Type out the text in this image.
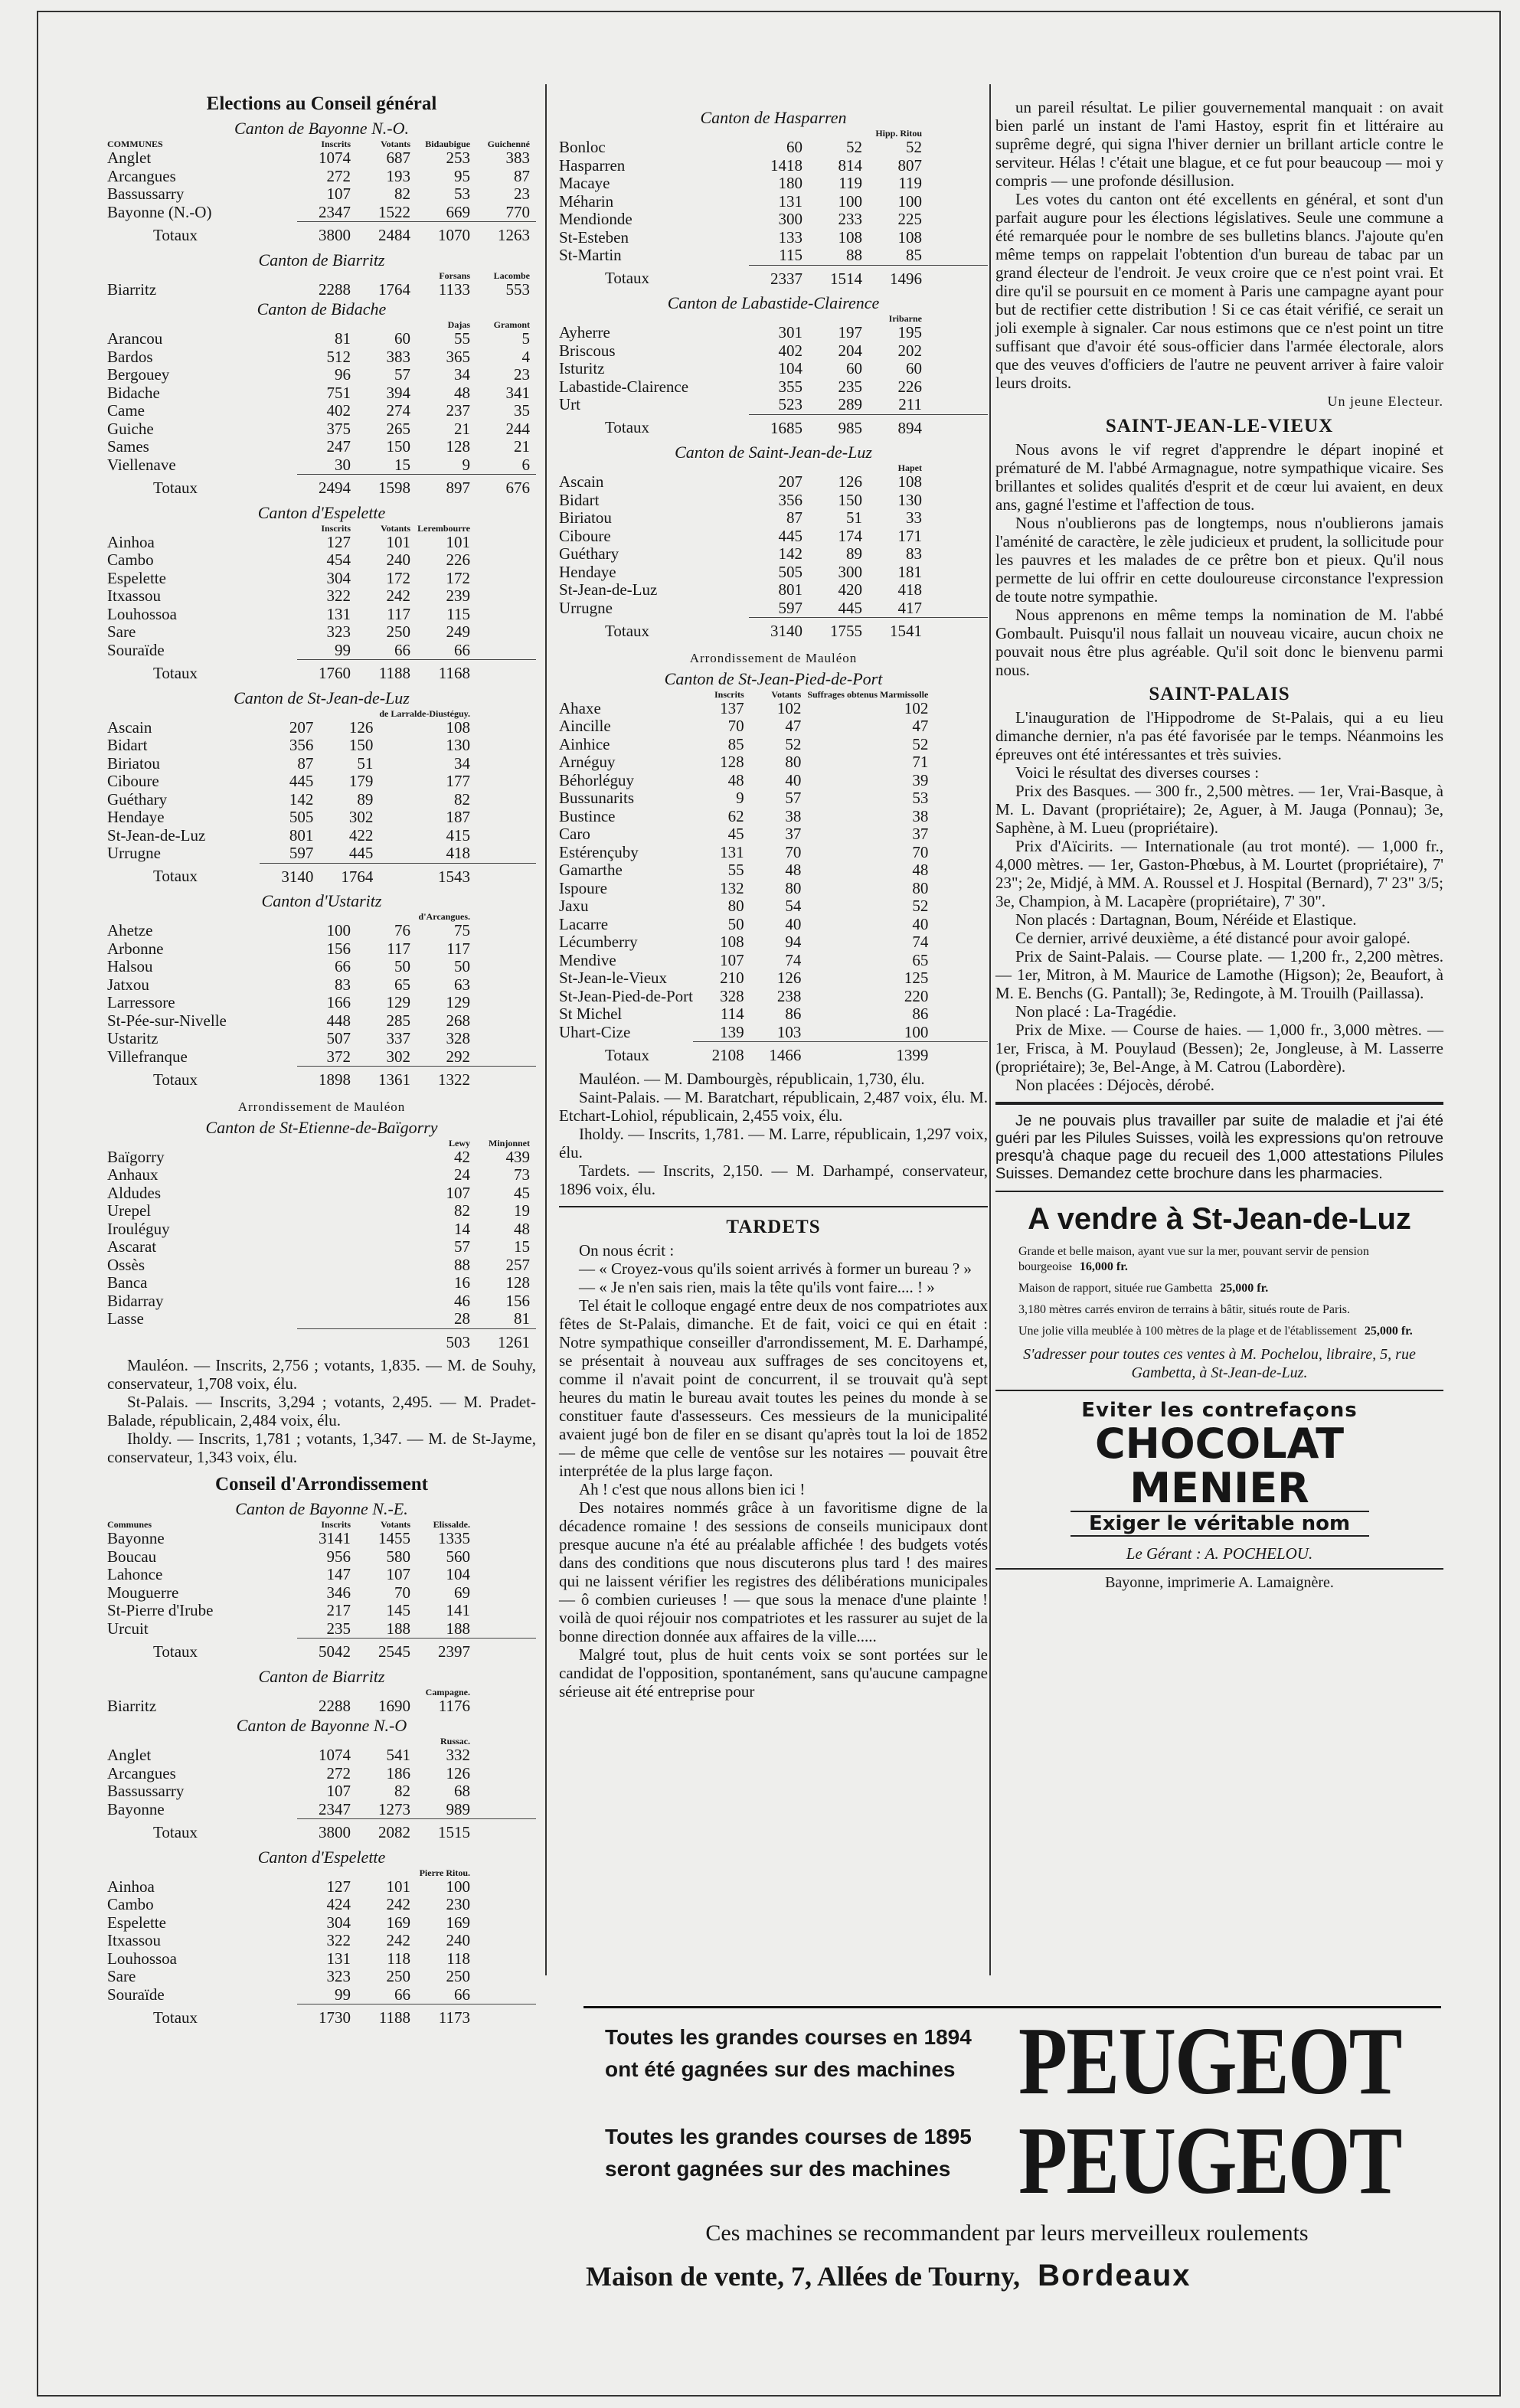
Elections au Conseil général
Canton de Bayonne N.-O.
COMMUNES	Inscrits	Votants	Bidaubigue	Guichenné
Anglet	1074	687	253	383
Arcangues	272	193	95	87
Bassussarry	107	82	53	23
Bayonne (N.-O)	2347	1522	669	770
Totaux	3800	2484	1070	1263
Canton de Biarritz
			Forsans	Lacombe
Biarritz	2288	1764	1133	553
Canton de Bidache
			Dajas	Gramont
Arancou	81	60	55	5
Bardos	512	383	365	4
Bergouey	96	57	34	23
Bidache	751	394	48	341
Came	402	274	237	35
Guiche	375	265	21	244
Sames	247	150	128	21
Viellenave	30	15	9	6
Totaux	2494	1598	897	676
Canton d'Espelette
	Inscrits	Votants	Lerembourre	
Ainhoa	127	101	101	
Cambo	454	240	226	
Espelette	304	172	172	
Itxassou	322	242	239	
Louhossoa	131	117	115	
Sare	323	250	249	
Souraïde	99	66	66	
Totaux	1760	1188	1168	
Canton de St-Jean-de-Luz
			de Larralde-Diustéguy.	
Ascain	207	126	108	
Bidart	356	150	130	
Biriatou	87	51	34	
Ciboure	445	179	177	
Guéthary	142	89	82	
Hendaye	505	302	187	
St-Jean-de-Luz	801	422	415	
Urrugne	597	445	418	
Totaux	3140	1764	1543	
Canton d'Ustaritz
			d'Arcangues.	
Ahetze	100	76	75	
Arbonne	156	117	117	
Halsou	66	50	50	
Jatxou	83	65	63	
Larressore	166	129	129	
St-Pée-sur-Nivelle	448	285	268	
Ustaritz	507	337	328	
Villefranque	372	302	292	
Totaux	1898	1361	1322	
Arrondissement de Mauléon
Canton de St-Etienne-de-Baïgorry
			Lewy	Minjonnet
Baïgorry			42	439
Anhaux			24	73
Aldudes			107	45
Urepel			82	19
Irouléguy			14	48
Ascarat			57	15
Ossès			88	257
Banca			16	128
Bidarray			46	156
Lasse			28	81
			503	1261

Mauléon. — Inscrits, 2,756 ; votants, 1,835. — M. de Souhy, conservateur, 1,708 voix, élu.

St-Palais. — Inscrits, 3,294 ; votants, 2,495. — M. Pradet-Balade, républicain, 2,484 voix, élu.

Iholdy. — Inscrits, 1,781 ; votants, 1,347. — M. de St-Jayme, conservateur, 1,343 voix, élu.

Conseil d'Arrondissement
Canton de Bayonne N.-E.
Communes	Inscrits	Votants	Elissalde.	
Bayonne	3141	1455	1335	
Boucau	956	580	560	
Lahonce	147	107	104	
Mouguerre	346	70	69	
St-Pierre d'Irube	217	145	141	
Urcuit	235	188	188	
Totaux	5042	2545	2397	
Canton de Biarritz
			Campagne.	
Biarritz	2288	1690	1176	
Canton de Bayonne N.-O
			Russac.	
Anglet	1074	541	332	
Arcangues	272	186	126	
Bassussarry	107	82	68	
Bayonne	2347	1273	989	
Totaux	3800	2082	1515	
Canton d'Espelette
			Pierre Ritou.	
Ainhoa	127	101	100	
Cambo	424	242	230	
Espelette	304	169	169	
Itxassou	322	242	240	
Louhossoa	131	118	118	
Sare	323	250	250	
Souraïde	99	66	66	
Totaux	1730	1188	1173	
Canton de Hasparren
			Hipp. Ritou	
Bonloc	60	52	52	
Hasparren	1418	814	807	
Macaye	180	119	119	
Méharin	131	100	100	
Mendionde	300	233	225	
St-Esteben	133	108	108	
St-Martin	115	88	85	
Totaux	2337	1514	1496	
Canton de Labastide-Clairence
			Iribarne	
Ayherre	301	197	195	
Briscous	402	204	202	
Isturitz	104	60	60	
Labastide-Clairence	355	235	226	
Urt	523	289	211	
Totaux	1685	985	894	
Canton de Saint-Jean-de-Luz
			Hapet	
Ascain	207	126	108	
Bidart	356	150	130	
Biriatou	87	51	33	
Ciboure	445	174	171	
Guéthary	142	89	83	
Hendaye	505	300	181	
St-Jean-de-Luz	801	420	418	
Urrugne	597	445	417	
Totaux	3140	1755	1541	
Arrondissement de Mauléon
Canton de St-Jean-Pied-de-Port
	Inscrits	Votants	Suffrages obtenus Marmissolle	
Ahaxe	137	102	102	
Aincille	70	47	47	
Ainhice	85	52	52	
Arnéguy	128	80	71	
Béhorléguy	48	40	39	
Bussunarits	9	57	53	
Bustince	62	38	38	
Caro	45	37	37	
Estérençuby	131	70	70	
Gamarthe	55	48	48	
Ispoure	132	80	80	
Jaxu	80	54	52	
Lacarre	50	40	40	
Lécumberry	108	94	74	
Mendive	107	74	65	
St-Jean-le-Vieux	210	126	125	
St-Jean-Pied-de-Port	328	238	220	
St Michel	114	86	86	
Uhart-Cize	139	103	100	
Totaux	2108	1466	1399	

Mauléon. — M. Dambourgès, républicain, 1,730, élu.

Saint-Palais. — M. Baratchart, républicain, 2,487 voix, élu. M. Etchart-Lohiol, républicain, 2,455 voix, élu.

Iholdy. — Inscrits, 1,781. — M. Larre, républicain, 1,297 voix, élu.

Tardets. — Inscrits, 2,150. — M. Darhampé, conservateur, 1896 voix, élu.

TARDETS

On nous écrit :

— « Croyez-vous qu'ils soient arrivés à former un bureau ? »

— « Je n'en sais rien, mais la tête qu'ils vont faire.... ! »

Tel était le colloque engagé entre deux de nos compatriotes aux fêtes de St-Palais, dimanche. Et de fait, voici ce qui en était : Notre sympathique conseiller d'arrondissement, M. E. Darhampé, se présentait à nouveau aux suffrages de ses concitoyens et, comme il n'avait point de concurrent, il se trouvait qu'à sept heures du matin le bureau avait toutes les peines du monde à se constituer faute d'assesseurs. Ces messieurs de la municipalité avaient jugé bon de filer en se disant qu'après tout la loi de 1852 — de même que celle de ventôse sur les notaires — pouvait être interprétée de la plus large façon.

Ah ! c'est que nous allons bien ici !

Des notaires nommés grâce à un favoritisme digne de la décadence romaine ! des sessions de conseils municipaux dont presque aucune n'a été au préalable affichée ! des budgets votés dans des conditions que nous discuterons plus tard ! des maires qui ne laissent vérifier les registres des délibérations municipales — ô combien curieuses ! — que sous la menace d'une plainte ! voilà de quoi réjouir nos compatriotes et les rassurer au sujet de la bonne direction donnée aux affaires de la ville.....

Malgré tout, plus de huit cents voix se sont portées sur le candidat de l'opposition, spontanément, sans qu'aucune campagne sérieuse ait été entreprise pour

un pareil résultat. Le pilier gouvernemental manquait : on avait bien parlé un instant de l'ami Hastoy, esprit fin et littéraire au suprême degré, qui signa l'hiver dernier un brillant article contre le serviteur. Hélas ! c'était une blague, et ce fut pour beaucoup — moi y compris — une profonde désillusion.

Les votes du canton ont été excellents en général, et sont d'un parfait augure pour les élections législatives. Seule une commune a été remarquée pour le nombre de ses bulletins blancs. J'ajoute qu'en même temps on rappelait l'obtention d'un bureau de tabac par un grand électeur de l'endroit. Je veux croire que ce n'est point vrai. Et dire qu'il se poursuit en ce moment à Paris une campagne ayant pour but de rectifier cette distribution ! Si ce cas était vérifié, ce serait un joli exemple à signaler. Car nous estimons que ce n'est point un titre suffisant que d'avoir été sous-officier dans l'armée électorale, alors que des veuves d'officiers de l'autre ne peuvent arriver à faire valoir leurs droits.

Un jeune Electeur.
SAINT-JEAN-LE-VIEUX

Nous avons le vif regret d'apprendre le départ inopiné et prématuré de M. l'abbé Armagnague, notre sympathique vicaire. Ses brillantes et solides qualités d'esprit et de cœur lui avaient, en deux ans, gagné l'estime et l'affection de tous.

Nous n'oublierons pas de longtemps, nous n'oublierons jamais l'aménité de caractère, le zèle judicieux et prudent, la sollicitude pour les pauvres et les malades de ce prêtre bon et pieux. Qu'il nous permette de lui offrir en cette douloureuse circonstance l'expression de toute notre sympathie.

Nous apprenons en même temps la nomination de M. l'abbé Gombault. Puisqu'il nous fallait un nouveau vicaire, aucun choix ne pouvait nous être plus agréable. Qu'il soit donc le bienvenu parmi nous.

SAINT-PALAIS

L'inauguration de l'Hippodrome de St-Palais, qui a eu lieu dimanche dernier, n'a pas été favorisée par le temps. Néanmoins les épreuves ont été intéressantes et très suivies.

Voici le résultat des diverses courses :

Prix des Basques. — 300 fr., 2,500 mètres. — 1er, Vrai-Basque, à M. L. Davant (propriétaire); 2e, Aguer, à M. Jauga (Ponnau); 3e, Saphène, à M. Lueu (propriétaire).

Prix d'Aïcirits. — Internationale (au trot monté). — 1,000 fr., 4,000 mètres. — 1er, Gaston-Phœbus, à M. Lourtet (propriétaire), 7' 23"; 2e, Midjé, à MM. A. Roussel et J. Hospital (Bernard), 7' 23" 3/5; 3e, Champion, à M. Lacapère (propriétaire), 7' 30".

Non placés : Dartagnan, Boum, Néréide et Elastique.

Ce dernier, arrivé deuxième, a été distancé pour avoir galopé.

Prix de Saint-Palais. — Course plate. — 1,200 fr., 2,200 mètres. — 1er, Mitron, à M. Maurice de Lamothe (Higson); 2e, Beaufort, à M. E. Benchs (G. Pantall); 3e, Redingote, à M. Trouilh (Paillassa).

Non placé : La-Tragédie.

Prix de Mixe. — Course de haies. — 1,000 fr., 3,000 mètres. — 1er, Frisca, à M. Pouylaud (Bessen); 2e, Jongleuse, à M. Lasserre (propriétaire); 3e, Bel-Ange, à M. Catrou (Labordère).

Non placées : Déjocès, dérobé.

Je ne pouvais plus travailler par suite de maladie et j'ai été guéri par les Pilules Suisses, voilà les expressions qu'on retrouve presqu'à chaque page du recueil des 1,000 attestations Pilules Suisses. Demandez cette brochure dans les pharmacies.

A vendre à St-Jean-de-Luz
Grande et belle maison, ayant vue sur la mer, pouvant servir de pension bourgeoise 16,000 fr.
Maison de rapport, située rue Gambetta 25,000 fr.
3,180 mètres carrés environ de terrains à bâtir, situés route de Paris.
Une jolie villa meublée à 100 mètres de la plage et de l'établissement 25,000 fr.

S'adresser pour toutes ces ventes à M. Pochelou, libraire, 5, rue Gambetta, à St-Jean-de-Luz.

Eviter les contrefaçons
CHOCOLAT
MENIER
Exiger le véritable nom
Le Gérant : A. POCHELOU.
Bayonne, imprimerie A. Lamaignère.
Toutes les grandes courses en 1894 ont été gagnées sur des machines
Toutes les grandes courses de 1895 seront gagnées sur des machines
PEUGEOT
PEUGEOT
Ces machines se recommandent par leurs merveilleux roulements
Maison de vente, 7, Allées de Tourny, Bordeaux
